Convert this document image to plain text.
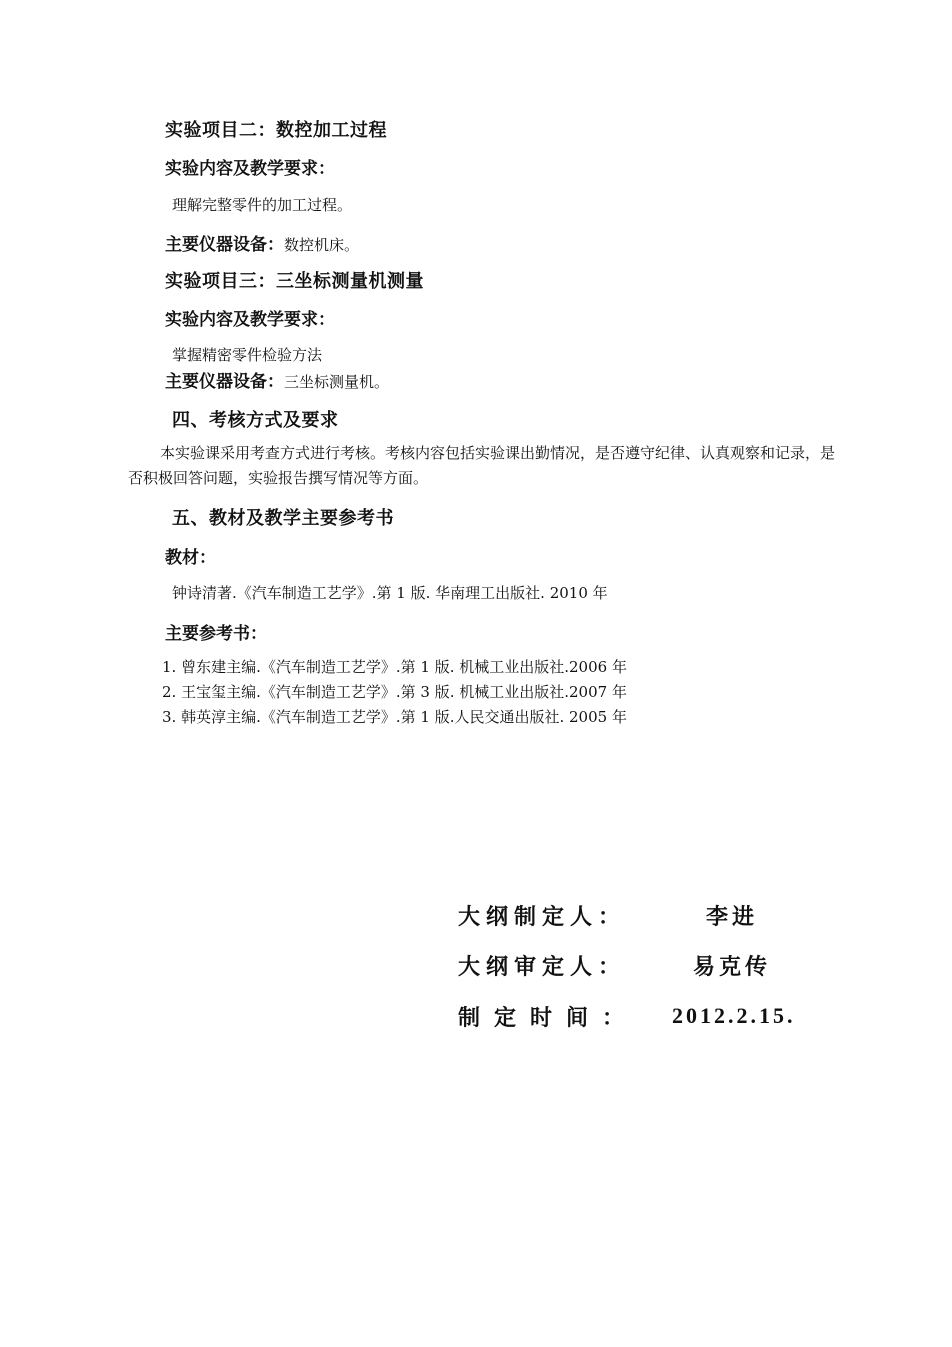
实验项目二：数控加工过程
实验内容及教学要求：
理解完整零件的加工过程。
主要仪器设备：数控机床。
实验项目三：三坐标测量机测量
实验内容及教学要求：
掌握精密零件检验方法
主要仪器设备：三坐标测量机。
四、考核方式及要求
本实验课采用考查方式进行考核。考核内容包括实验课出勤情况，是否遵守纪律、认真观察和记录，是否积极回答问题，实验报告撰写情况等方面。
五、教材及教学主要参考书
教材：
钟诗清著.《汽车制造工艺学》.第 1 版. 华南理工出版社. 2010 年
主要参考书：
1. 曾东建主编.《汽车制造工艺学》.第 1 版. 机械工业出版社.2006 年
2. 王宝玺主编.《汽车制造工艺学》.第 3 版. 机械工业出版社.2007 年
3. 韩英淳主编.《汽车制造工艺学》.第 1 版.人民交通出版社. 2005 年
大纲制定人：	李进
大纲审定人：	易克传
制定时间： 2012.2.15.
